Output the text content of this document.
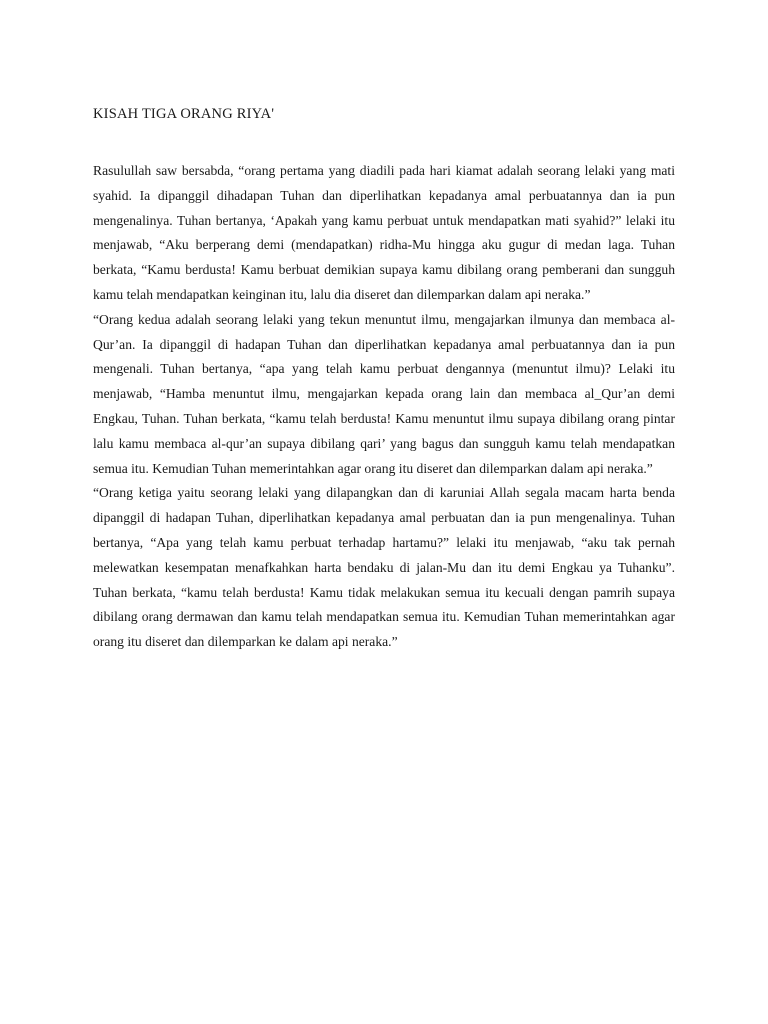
KISAH TIGA ORANG RIYA'

Rasulullah saw bersabda, “orang pertama yang diadili pada hari kiamat adalah seorang lelaki yang mati syahid. Ia dipanggil dihadapan Tuhan dan diperlihatkan kepadanya amal perbuatannya dan ia pun mengenalinya. Tuhan bertanya, ‘Apakah yang kamu perbuat untuk mendapatkan mati syahid?” lelaki itu menjawab, “Aku berperang demi (mendapatkan) ridha-Mu hingga aku gugur di medan laga. Tuhan berkata, “Kamu berdusta! Kamu berbuat demikian supaya kamu dibilang orang pemberani dan sungguh kamu telah mendapatkan keinginan itu, lalu dia diseret dan dilemparkan dalam api neraka.”

“Orang kedua adalah seorang lelaki yang tekun menuntut ilmu, mengajarkan ilmunya dan membaca al-Qur’an. Ia dipanggil di hadapan Tuhan dan diperlihatkan kepadanya amal perbuatannya dan ia pun mengenali. Tuhan bertanya, “apa yang telah kamu perbuat dengannya (menuntut ilmu)? Lelaki itu menjawab, “Hamba menuntut ilmu, mengajarkan kepada orang lain dan membaca al_Qur’an demi Engkau, Tuhan. Tuhan berkata, “kamu telah berdusta! Kamu menuntut ilmu supaya dibilang orang pintar lalu kamu membaca al-qur’an supaya dibilang qari’ yang bagus dan sungguh kamu telah mendapatkan semua itu. Kemudian Tuhan memerintahkan agar orang itu diseret dan dilemparkan dalam api neraka.”

“Orang ketiga yaitu seorang lelaki yang dilapangkan dan di karuniai Allah segala macam harta benda dipanggil di hadapan Tuhan, diperlihatkan kepadanya amal perbuatan dan ia pun mengenalinya. Tuhan bertanya, “Apa yang telah kamu perbuat terhadap hartamu?” lelaki itu menjawab, “aku tak pernah melewatkan kesempatan menafkahkan harta bendaku di jalan-Mu dan itu demi Engkau ya Tuhanku”. Tuhan berkata, “kamu telah berdusta! Kamu tidak melakukan semua itu kecuali dengan pamrih supaya dibilang orang dermawan dan kamu telah mendapatkan semua itu. Kemudian Tuhan memerintahkan agar orang itu diseret dan dilemparkan ke dalam api neraka.”
